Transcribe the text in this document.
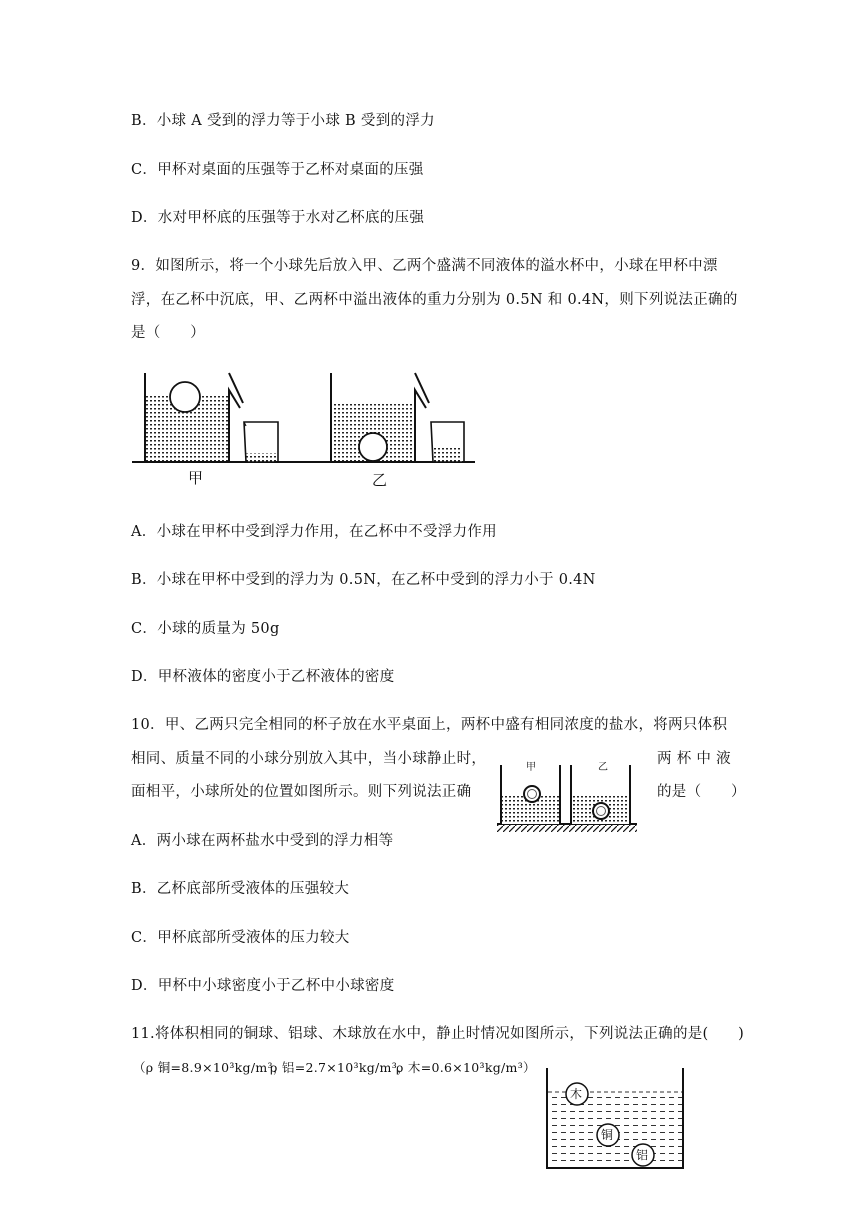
B．小球 A 受到的浮力等于小球 B 受到的浮力
C．甲杯对桌面的压强等于乙杯对桌面的压强
D．水对甲杯底的压强等于水对乙杯底的压强
9．如图所示，将一个小球先后放入甲、乙两个盛满不同液体的溢水杯中，小球在甲杯中漂
浮，在乙杯中沉底，甲、乙两杯中溢出液体的重力分别为 0.5N 和 0.4N，则下列说法正确的
是（　　）
甲	乙
A．小球在甲杯中受到浮力作用，在乙杯中不受浮力作用
B．小球在甲杯中受到的浮力为 0.5N，在乙杯中受到的浮力小于 0.4N
C．小球的质量为 50g
D．甲杯液体的密度小于乙杯液体的密度
10．甲、乙两只完全相同的杯子放在水平桌面上，两杯中盛有相同浓度的盐水，将两只体积
相同、质量不同的小球分别放入其中，当小球静止时，	两 杯 中 液
面相平，小球所处的位置如图所示。则下列说法正确	的是（　　）
甲	乙
A．两小球在两杯盐水中受到的浮力相等
B．乙杯底部所受液体的压强较大
C．甲杯底部所受液体的压力较大
D．甲杯中小球密度小于乙杯中小球密度
11.将体积相同的铜球、铝球、木球放在水中，静止时情况如图所示，下列说法正确的是(　　)
（ρ 铜=8.9×10³kg/m³，
ρ 铝=2.7×10³kg/m³，
ρ 木=0.6×10³kg/m³）
木
铜
铝
